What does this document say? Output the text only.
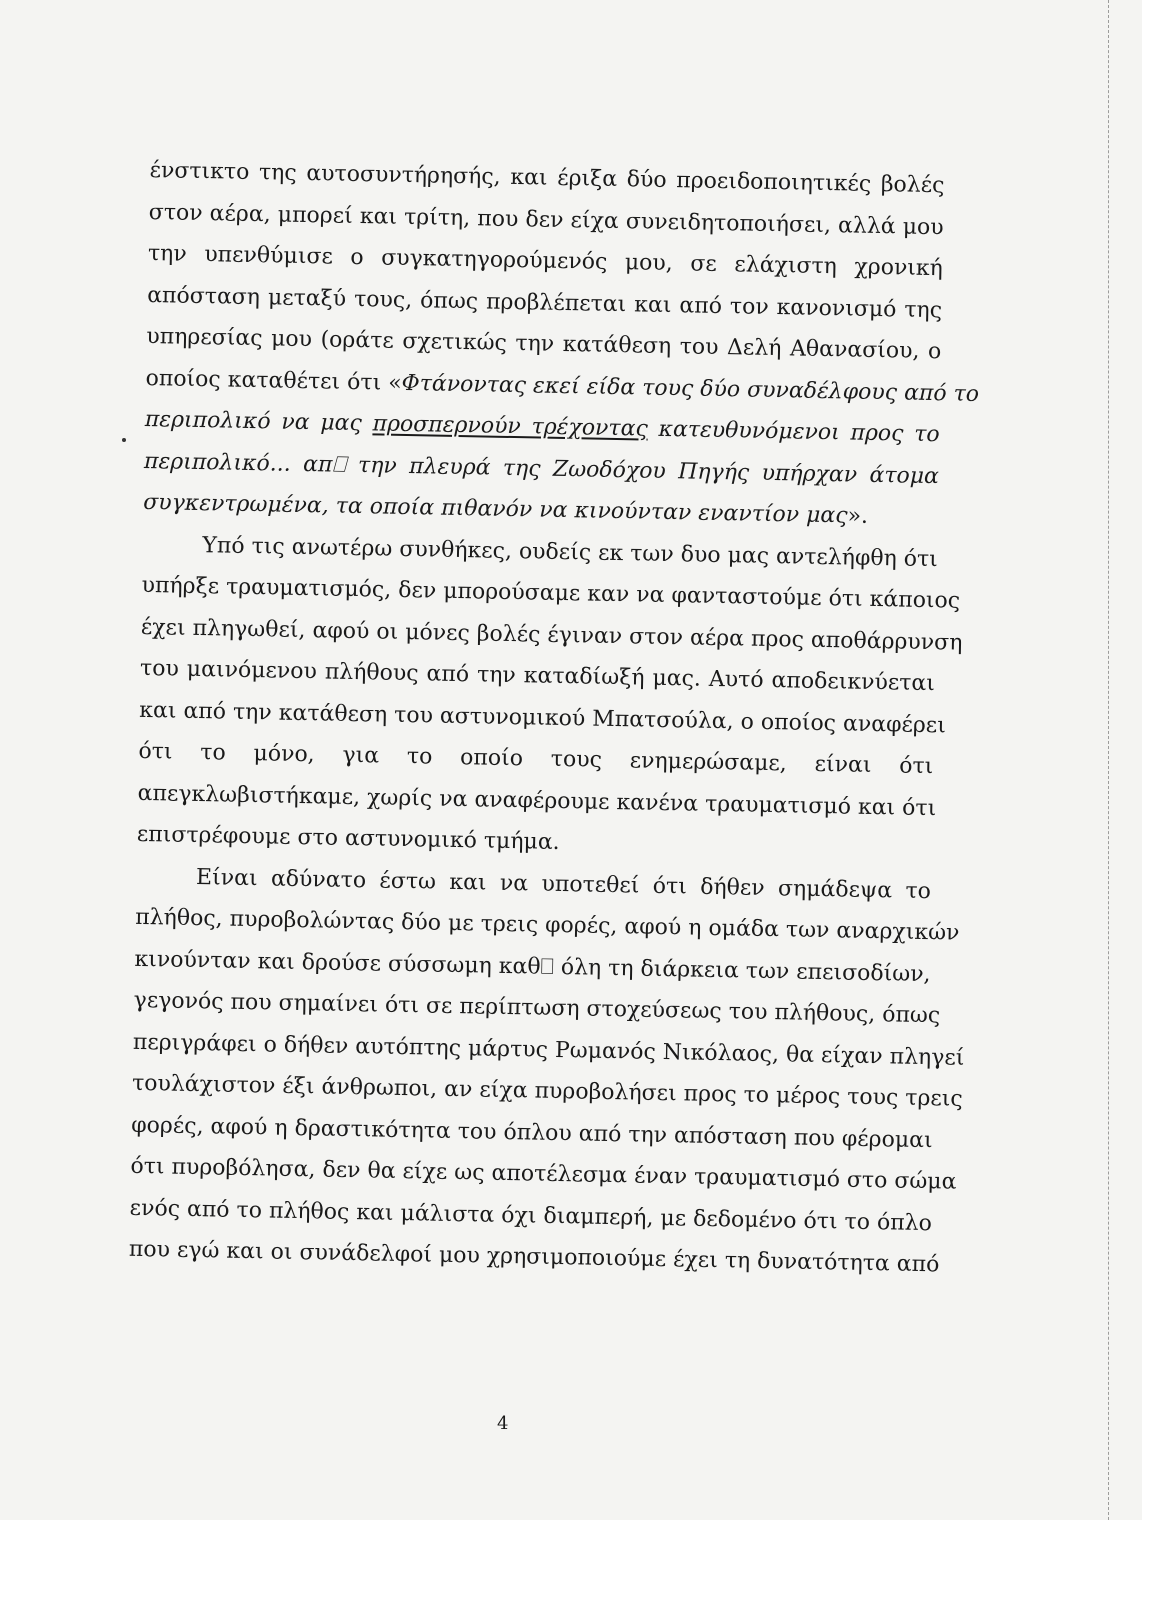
ένστικτο της αυτοσυντήρησής, και έριξα δύο προειδοποιητικές βολές
στον αέρα, μπορεί και τρίτη, που δεν είχα συνειδητοποιήσει, αλλά μου
την υπενθύμισε ο συγκατηγορούμενός μου, σε ελάχιστη χρονική
απόσταση μεταξύ τους, όπως προβλέπεται και από τον κανονισμό της
υπηρεσίας μου (οράτε σχετικώς την κατάθεση του Δελή Αθανασίου, ο
οποίος καταθέτει ότι «Φτάνοντας εκεί είδα τους δύο συναδέλφους από το
περιπολικό να μας προσπερνούν τρέχοντας κατευθυνόμενοι προς το
περιπολικό... απ⎕ την πλευρά της Ζωοδόχου Πηγής υπήρχαν άτομα
συγκεντρωμένα, τα οποία πιθανόν να κινούνταν εναντίον μας».
Υπό τις ανωτέρω συνθήκες, ουδείς εκ των δυο μας αντελήφθη ότι
υπήρξε τραυματισμός, δεν μπορούσαμε καν να φανταστούμε ότι κάποιος
έχει πληγωθεί, αφού οι μόνες βολές έγιναν στον αέρα προς αποθάρρυνση
του μαινόμενου πλήθους από την καταδίωξή μας. Αυτό αποδεικνύεται
και από την κατάθεση του αστυνομικού Μπατσούλα, ο οποίος αναφέρει
ότι το μόνο, για το οποίο τους ενημερώσαμε, είναι ότι
απεγκλωβιστήκαμε, χωρίς να αναφέρουμε κανένα τραυματισμό και ότι
επιστρέφουμε στο αστυνομικό τμήμα.
Είναι αδύνατο έστω και να υποτεθεί ότι δήθεν σημάδεψα το
πλήθος, πυροβολώντας δύο με τρεις φορές, αφού η ομάδα των αναρχικών
κινούνταν και δρούσε σύσσωμη καθ⎕ όλη τη διάρκεια των επεισοδίων,
γεγονός που σημαίνει ότι σε περίπτωση στοχεύσεως του πλήθους, όπως
περιγράφει ο δήθεν αυτόπτης μάρτυς Ρωμανός Νικόλαος, θα είχαν πληγεί
τουλάχιστον έξι άνθρωποι, αν είχα πυροβολήσει προς το μέρος τους τρεις
φορές, αφού η δραστικότητα του όπλου από την απόσταση που φέρομαι
ότι πυροβόλησα, δεν θα είχε ως αποτέλεσμα έναν τραυματισμό στο σώμα
ενός από το πλήθος και μάλιστα όχι διαμπερή, με δεδομένο ότι το όπλο
που εγώ και οι συνάδελφοί μου χρησιμοποιούμε έχει τη δυνατότητα από
4
